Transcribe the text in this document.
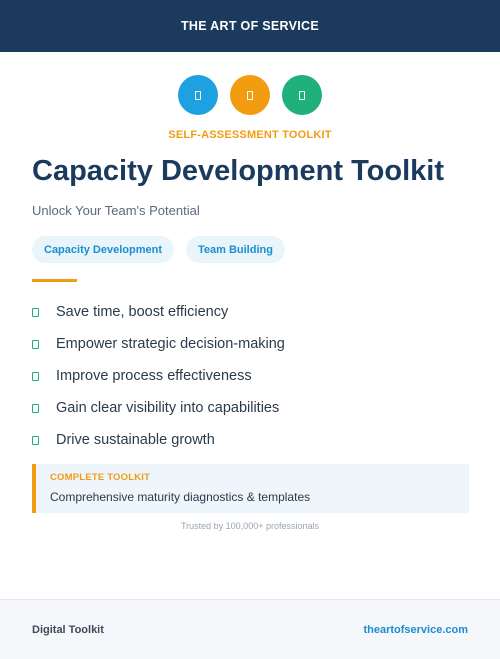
THE ART OF SERVICE
SELF-ASSESSMENT TOOLKIT
Capacity Development Toolkit
Unlock Your Team's Potential
Capacity Development	Team Building
Save time, boost efficiency
Empower strategic decision-making
Improve process effectiveness
Gain clear visibility into capabilities
Drive sustainable growth
COMPLETE TOOLKIT
Comprehensive maturity diagnostics & templates
Trusted by 100,000+ professionals
Digital Toolkit	theartofservice.com
